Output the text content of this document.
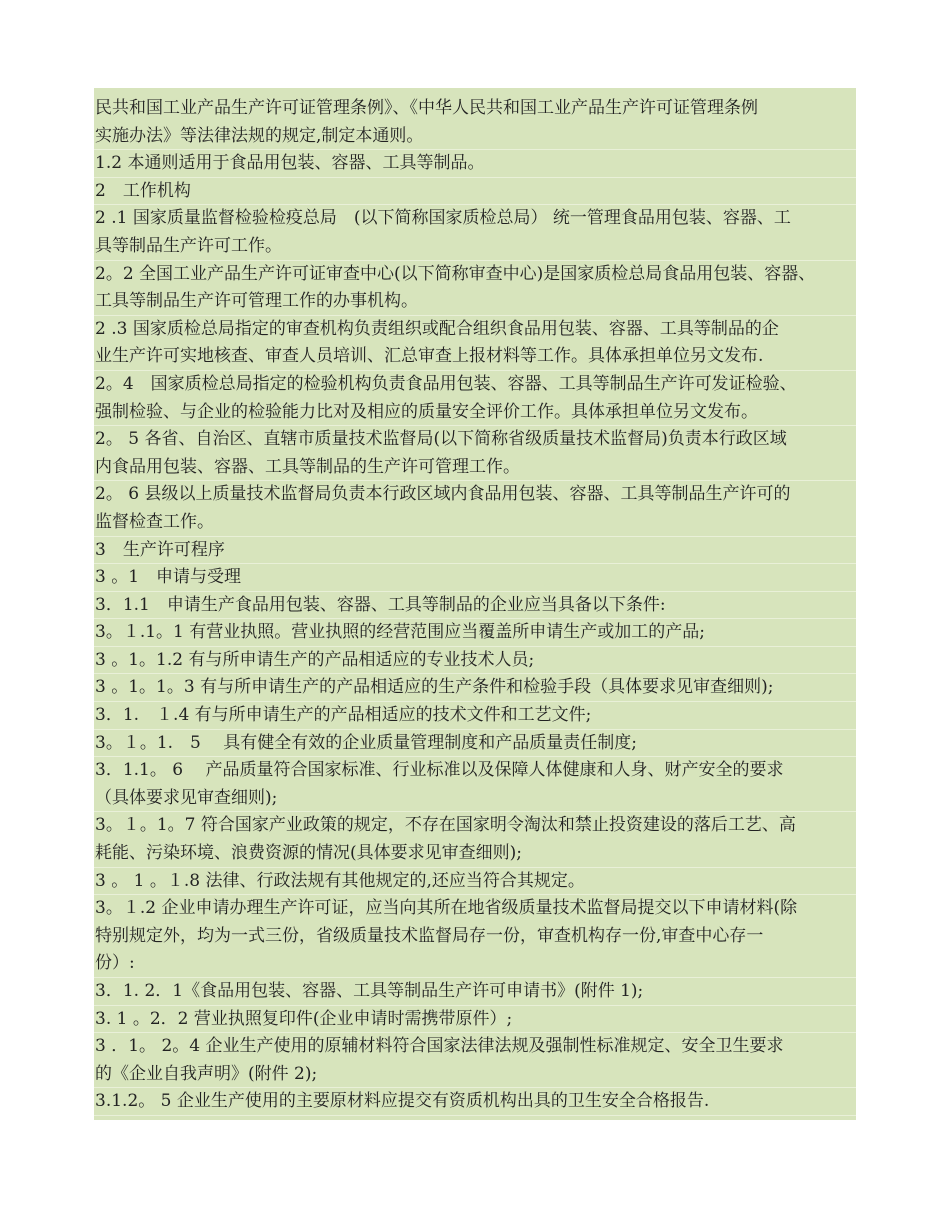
民共和国工业产品生产许可证管理条例》、《中华人民共和国工业产品生产许可证管理条例
实施办法》等法律法规的规定,制定本通则。
1.2 本通则适用于食品用包装、容器、工具等制品。
2　工作机构
2 .1 国家质量监督检验检疫总局　(以下简称国家质检总局） 统一管理食品用包装、容器、工
具等制品生产许可工作。
2。2 全国工业产品生产许可证审查中心(以下简称审查中心)是国家质检总局食品用包装、容器、
工具等制品生产许可管理工作的办事机构。
2 .3 国家质检总局指定的审查机构负责组织或配合组织食品用包装、容器、工具等制品的企
业生产许可实地核查、审查人员培训、汇总审查上报材料等工作。具体承担单位另文发布.
2。4　国家质检总局指定的检验机构负责食品用包装、容器、工具等制品生产许可发证检验、
强制检验、与企业的检验能力比对及相应的质量安全评价工作。具体承担单位另文发布。
2。 5 各省、自治区、直辖市质量技术监督局(以下简称省级质量技术监督局)负责本行政区域
内食品用包装、容器、工具等制品的生产许可管理工作。
2。 6 县级以上质量技术监督局负责本行政区域内食品用包装、容器、工具等制品生产许可的
监督检查工作。
3　生产许可程序
3 。1　申请与受理
3．1.1　申请生产食品用包装、容器、工具等制品的企业应当具备以下条件:
3。１.1。1 有营业执照。营业执照的经营范围应当覆盖所申请生产或加工的产品;
3 。1。1.2 有与所申请生产的产品相适应的专业技术人员;
3 。1。1。3 有与所申请生产的产品相适应的生产条件和检验手段（具体要求见审查细则);
3．1.　１.4 有与所申请生产的产品相适应的技术文件和工艺文件;
3。１。1.　5　 具有健全有效的企业质量管理制度和产品质量责任制度;
3．1.1。 6　 产品质量符合国家标准、行业标准以及保障人体健康和人身、财产安全的要求
（具体要求见审查细则);
3。１。1。7 符合国家产业政策的规定，不存在国家明令淘汰和禁止投资建设的落后工艺、高
耗能、污染环境、浪费资源的情况(具体要求见审查细则);
3 。 1 。１.8 法律、行政法规有其他规定的,还应当符合其规定。
3。１.2 企业申请办理生产许可证，应当向其所在地省级质量技术监督局提交以下申请材料(除
特别规定外，均为一式三份，省级质量技术监督局存一份，审查机构存一份,审查中心存一
份）:
3．1. 2．1《食品用包装、容器、工具等制品生产许可申请书》(附件 1);
3. 1 。2．2 营业执照复印件(企业申请时需携带原件）;
3 ．1。 2。4 企业生产使用的原辅材料符合国家法律法规及强制性标准规定、安全卫生要求
的《企业自我声明》(附件 2);
3.1.2。 5 企业生产使用的主要原材料应提交有资质机构出具的卫生安全合格报告.
